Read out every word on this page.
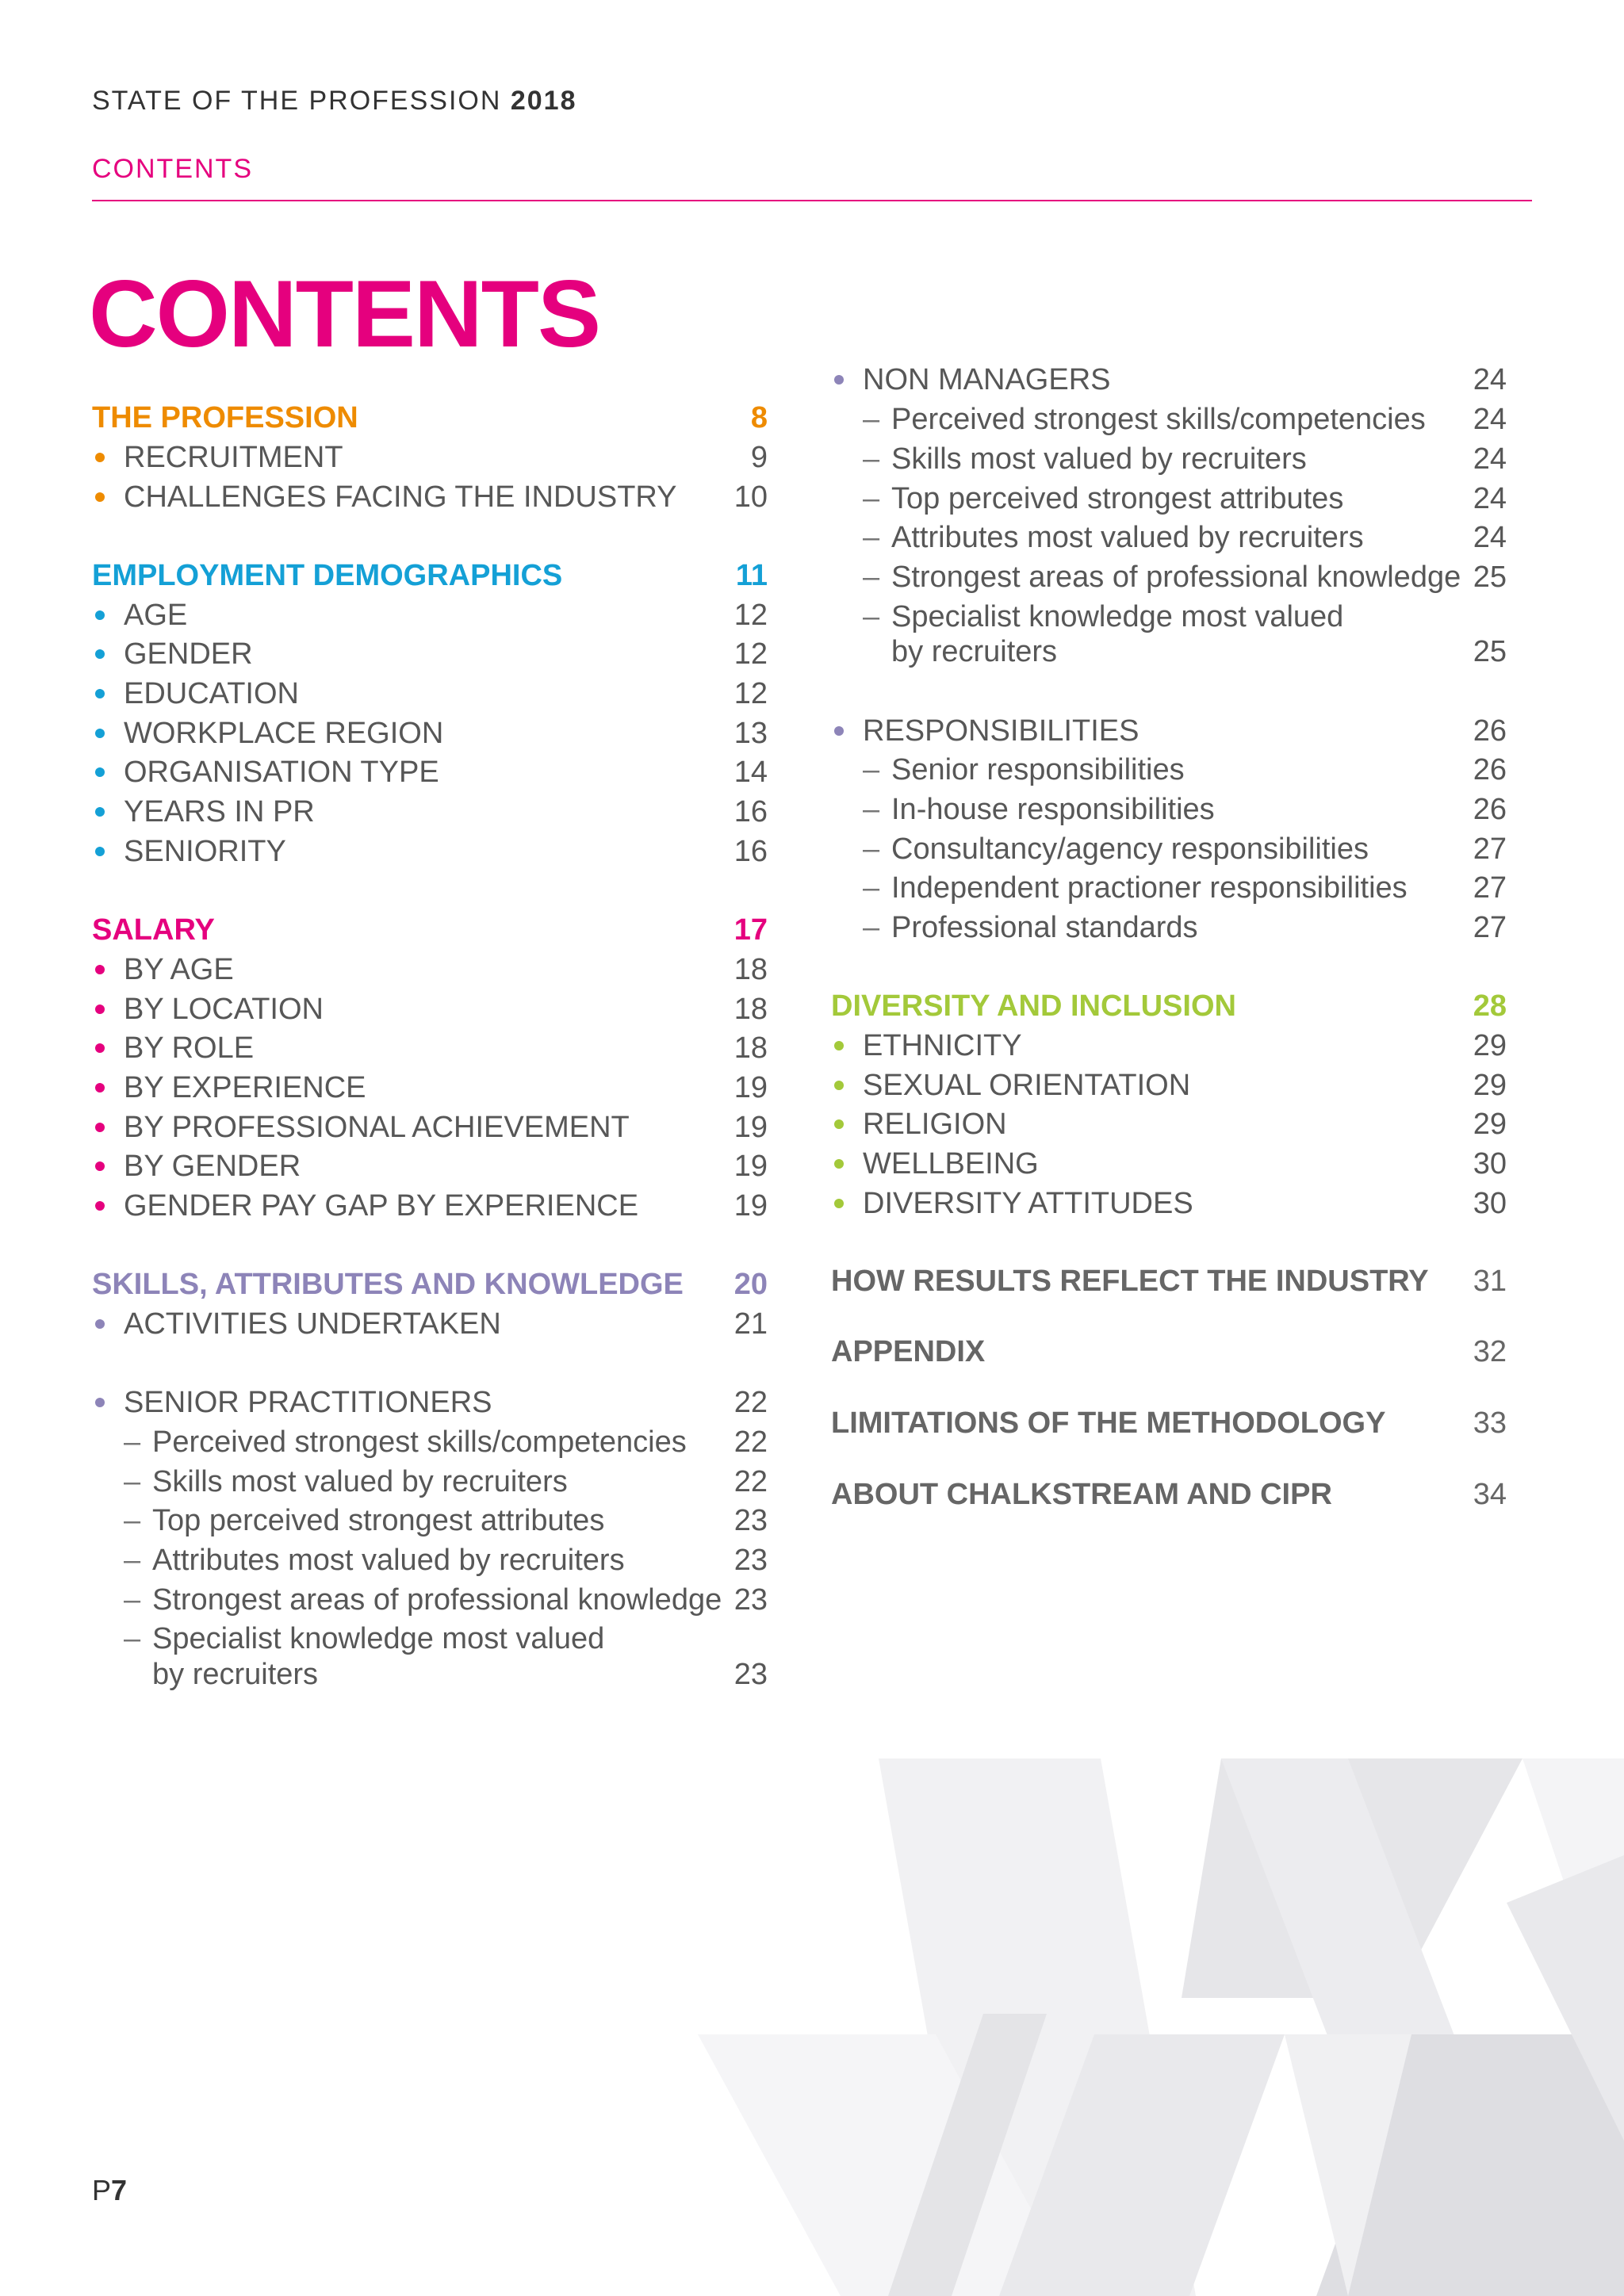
STATE OF THE PROFESSION 2018
CONTENTS
CONTENTS
THE PROFESSION	8
RECRUITMENT	9
CHALLENGES FACING THE INDUSTRY 10
EMPLOYMENT DEMOGRAPHICS	11
AGE	12
GENDER	12
EDUCATION	12
WORKPLACE REGION	13
ORGANISATION TYPE	14
YEARS IN PR	16
SENIORITY	16
SALARY	17
BY AGE	18
BY LOCATION	18
BY ROLE	18
BY EXPERIENCE	19
BY PROFESSIONAL ACHIEVEMENT	19
BY GENDER	19
GENDER PAY GAP BY EXPERIENCE	19
SKILLS, ATTRIBUTES AND KNOWLEDGE 20
ACTIVITIES UNDERTAKEN	21
SENIOR PRACTITIONERS	22
– Perceived strongest skills/competencies 22
– Skills most valued by recruiters	22
– Top perceived strongest attributes	23
– Attributes most valued by recruiters	23
– Strongest areas of professional knowledge 23
– Specialist knowledge most valued
by recruiters	23
NON MANAGERS	24
– Perceived strongest skills/competencies 24
– Skills most valued by recruiters	24
– Top perceived strongest attributes	24
– Attributes most valued by recruiters	24
– Strongest areas of professional knowledge 25
– Specialist knowledge most valued
by recruiters	25
RESPONSIBILITIES	26
– Senior responsibilities	26
– In-house responsibilities	26
– Consultancy/agency responsibilities	27
– Independent practioner responsibilities 27
– Professional standards	27
DIVERSITY AND INCLUSION	28
ETHNICITY	29
SEXUAL ORIENTATION	29
RELIGION	29
WELLBEING	30
DIVERSITY ATTITUDES	30
HOW RESULTS REFLECT THE INDUSTRY 31
APPENDIX	32
LIMITATIONS OF THE METHODOLOGY	33
ABOUT CHALKSTREAM AND CIPR	34
P7
